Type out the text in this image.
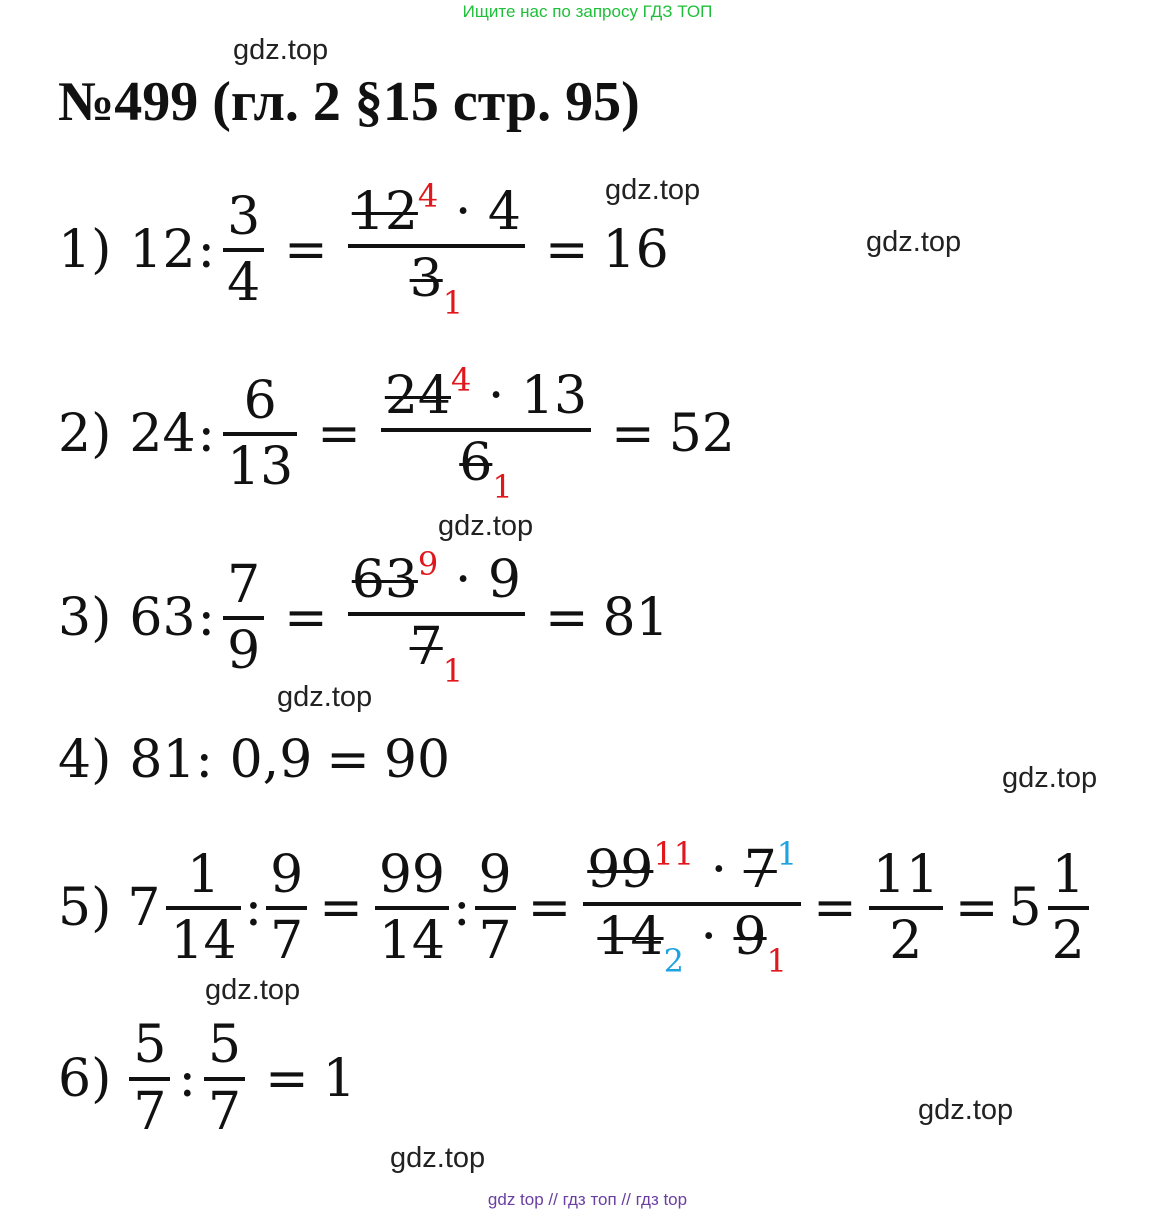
Ищите нас по запросу ГДЗ ТОП
gdz.top
№499 (гл. 2 §15 стр. 95)
gdz.top
gdz.top
1) 12 : $\frac{3}{4} = \frac{12^4 \cdot 4}{3_1} = 16$
2) 24 : $\frac{6}{13} = \frac{24^4 \cdot 13}{6_1} = 52$
gdz.top
3) 63 : $\frac{7}{9} = \frac{63^9 \cdot 9}{7_1} = 81$
gdz.top
4) 81: 0,9 = 90	gdz.top
5) $7 \frac{1}{14}$ : $\frac{9}{7} = \frac{99}{14}$ : $\frac{9}{7} = \frac{99^{11} \cdot 7^1}{14_2 \cdot 9_1} = \frac{11}{2} = 5 \frac{1}{2}$
gdz.top
$6) \frac{5}{7}$ : $\frac{5}{7} = 1$
gdz.top
gdz.top
gdz top // гдз топ // гдз top
